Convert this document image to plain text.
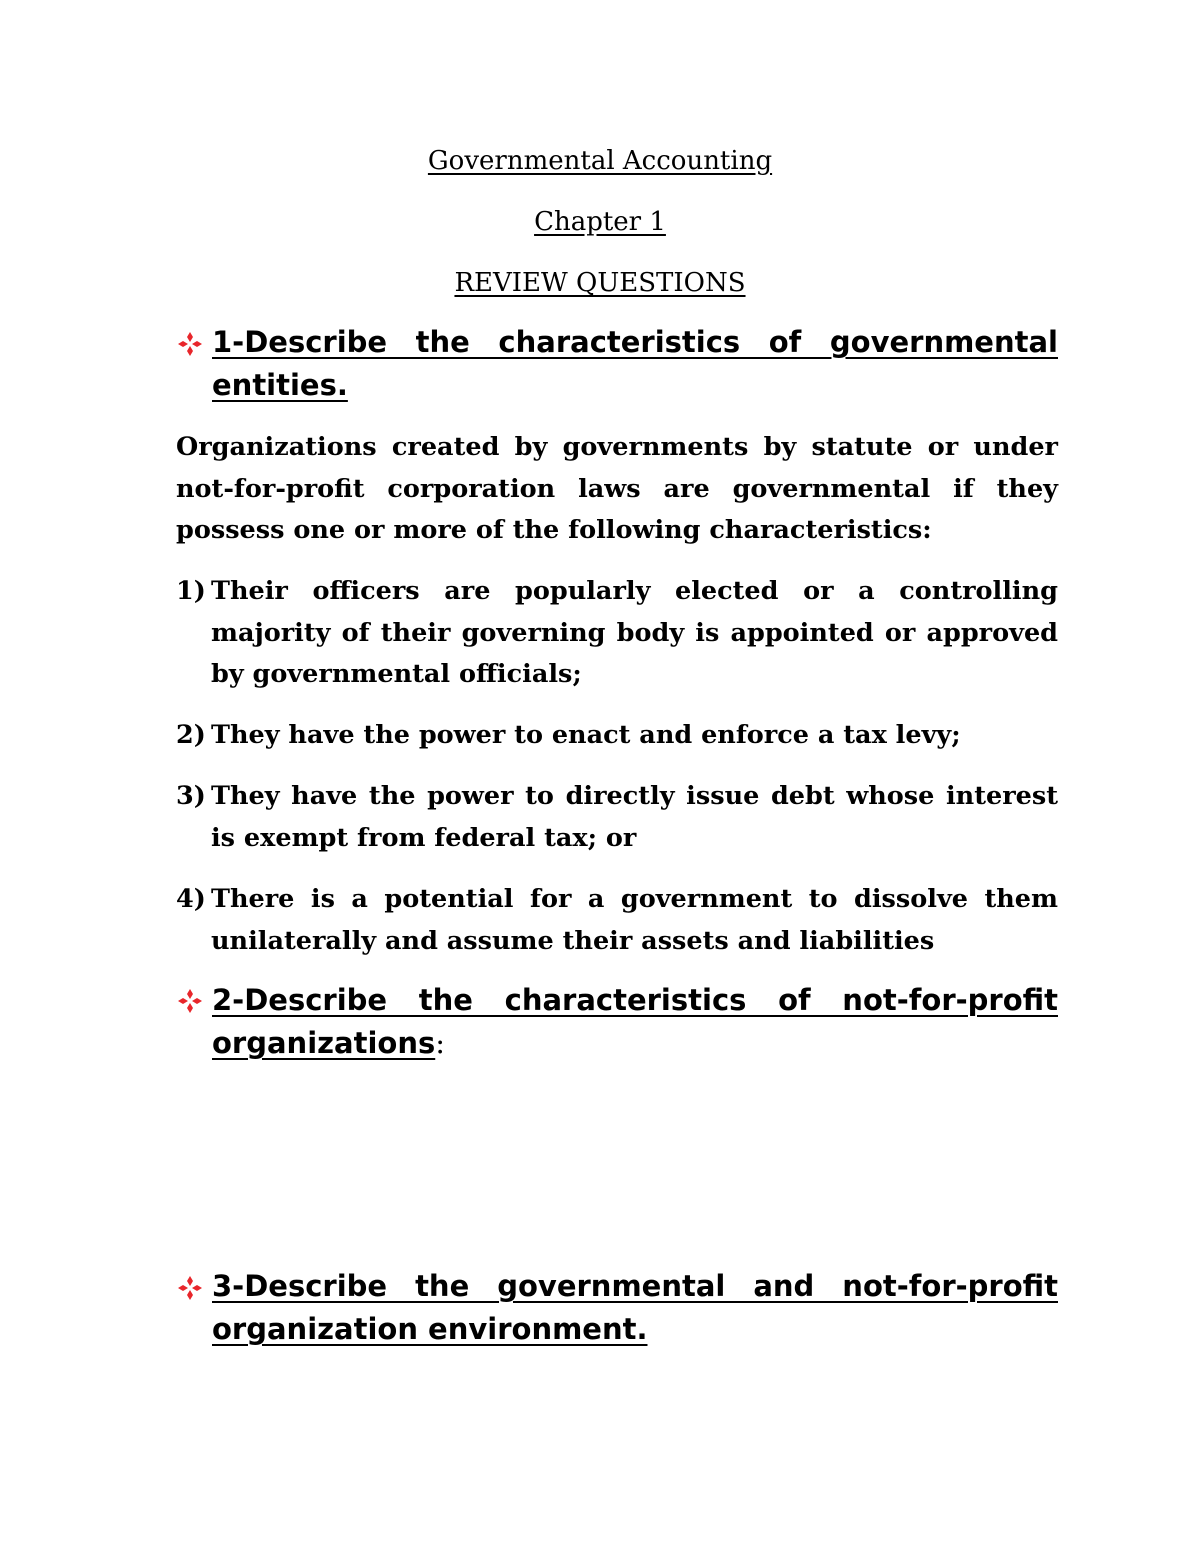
Governmental Accounting
Chapter 1
REVIEW QUESTIONS
1-Describe the characteristics of governmental entities.
Organizations created by governments by statute or under not-for-profit corporation laws are governmental if they possess one or more of the following characteristics:
1) Their officers are popularly elected or a controlling majority of their governing body is appointed or approved by governmental officials;
2) They have the power to enact and enforce a tax levy;
3) They have the power to directly issue debt whose interest is exempt from federal tax; or
4) There is a potential for a government to dissolve them unilaterally and assume their assets and liabilities
2-Describe the characteristics of not-for-profit organizations:
3-Describe the governmental and not-for-profit organization environment.
